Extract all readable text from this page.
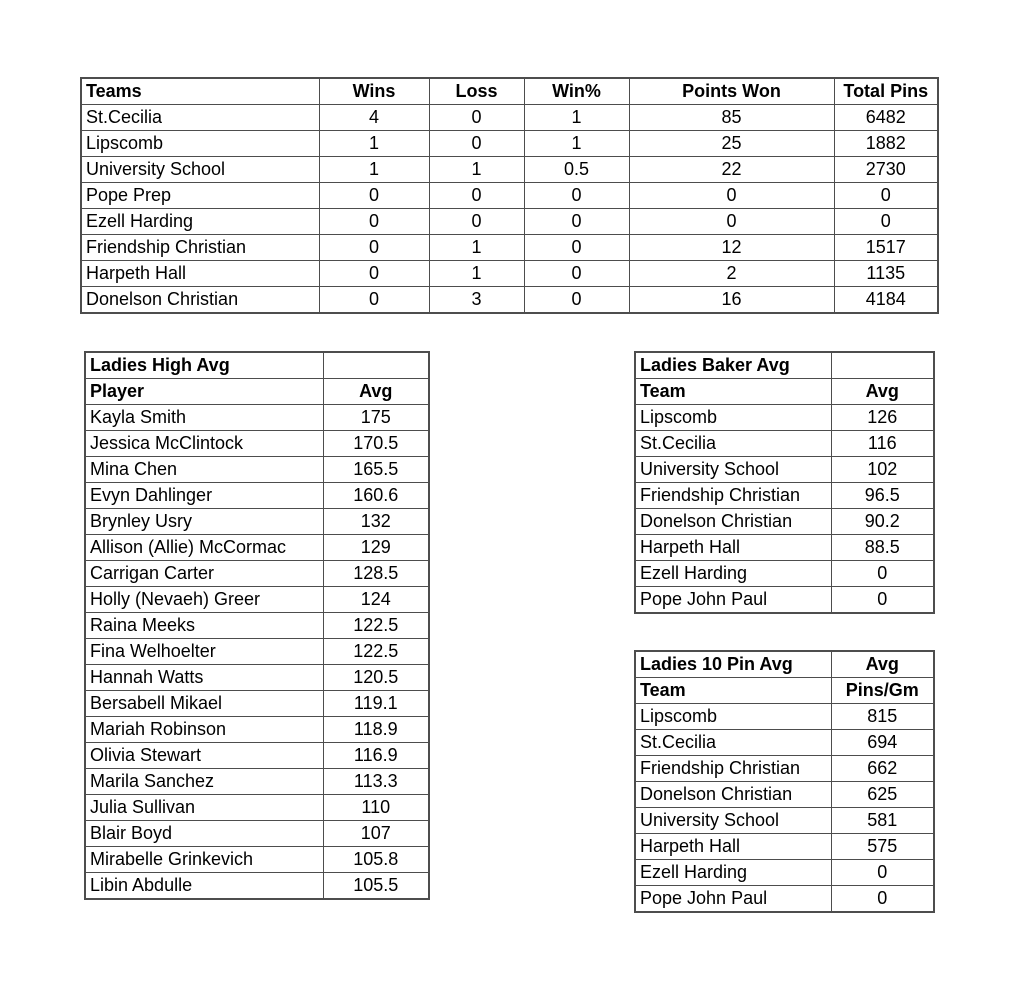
Teams	Wins	Loss	Win%	Points Won	Total Pins
St.Cecilia	4	0	1	85	6482
Lipscomb	1	0	1	25	1882
University School	1	1	0.5	22	2730
Pope Prep	0	0	0	0	0
Ezell Harding	0	0	0	0	0
Friendship Christian	0	1	0	12	1517
Harpeth Hall	0	1	0	2	1135
Donelson Christian	0	3	0	16	4184
Ladies High Avg	
Player	Avg
Kayla Smith	175
Jessica McClintock	170.5
Mina Chen	165.5
Evyn Dahlinger	160.6
Brynley Usry	132
Allison (Allie) McCormac	129
Carrigan Carter	128.5
Holly (Nevaeh) Greer	124
Raina Meeks	122.5
Fina Welhoelter	122.5
Hannah Watts	120.5
Bersabell Mikael	119.1
Mariah Robinson	118.9
Olivia Stewart	116.9
Marila Sanchez	113.3
Julia Sullivan	110
Blair Boyd	107
Mirabelle Grinkevich	105.8
Libin Abdulle	105.5
Ladies Baker Avg	
Team	Avg
Lipscomb	126
St.Cecilia	116
University School	102
Friendship Christian	96.5
Donelson Christian	90.2
Harpeth Hall	88.5
Ezell Harding	0
Pope John Paul	0
Ladies 10 Pin Avg	Avg
Team	Pins/Gm
Lipscomb	815
St.Cecilia	694
Friendship Christian	662
Donelson Christian	625
University School	581
Harpeth Hall	575
Ezell Harding	0
Pope John Paul	0
